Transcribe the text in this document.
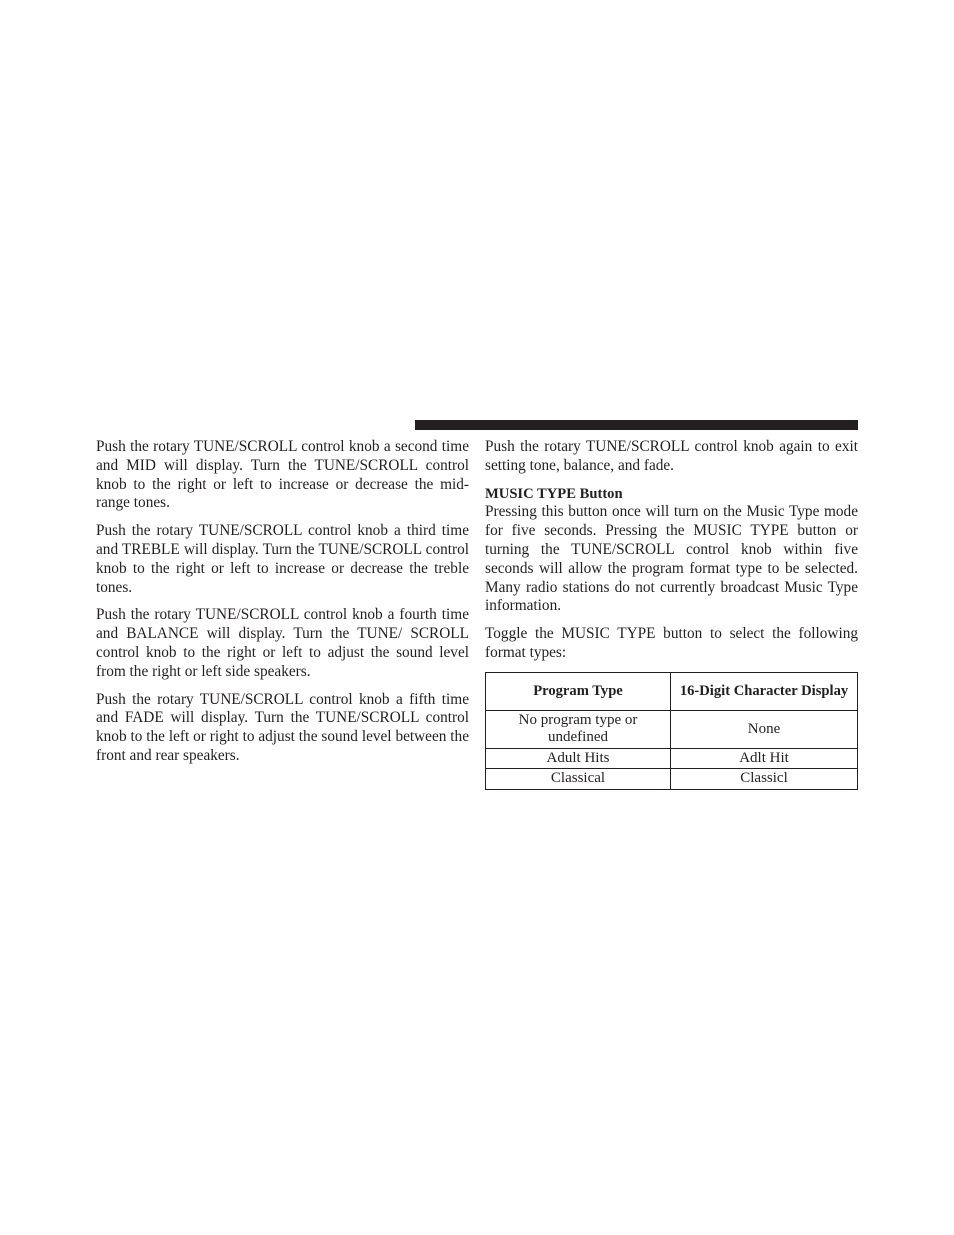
Push the rotary TUNE/SCROLL control knob a second time and MID will display. Turn the TUNE/SCROLL control knob to the right or left to increase or decrease the mid-range tones.

Push the rotary TUNE/SCROLL control knob a third time and TREBLE will display. Turn the TUNE/SCROLL control knob to the right or left to increase or decrease the treble tones.

Push the rotary TUNE/SCROLL control knob a fourth time and BALANCE will display. Turn the TUNE/ SCROLL control knob to the right or left to adjust the sound level from the right or left side speakers.

Push the rotary TUNE/SCROLL control knob a fifth time and FADE will display. Turn the TUNE/SCROLL control knob to the left or right to adjust the sound level between the front and rear speakers.

Push the rotary TUNE/SCROLL control knob again to exit setting tone, balance, and fade.

MUSIC TYPE Button

Pressing this button once will turn on the Music Type mode for five seconds. Pressing the MUSIC TYPE button or turning the TUNE/SCROLL control knob within five seconds will allow the program format type to be selected. Many radio stations do not currently broadcast Music Type information.

Toggle the MUSIC TYPE button to select the following format types:

Program Type	16-Digit Character Display
No program type or undefined	None
Adult Hits	Adlt Hit
Classical	Classicl
